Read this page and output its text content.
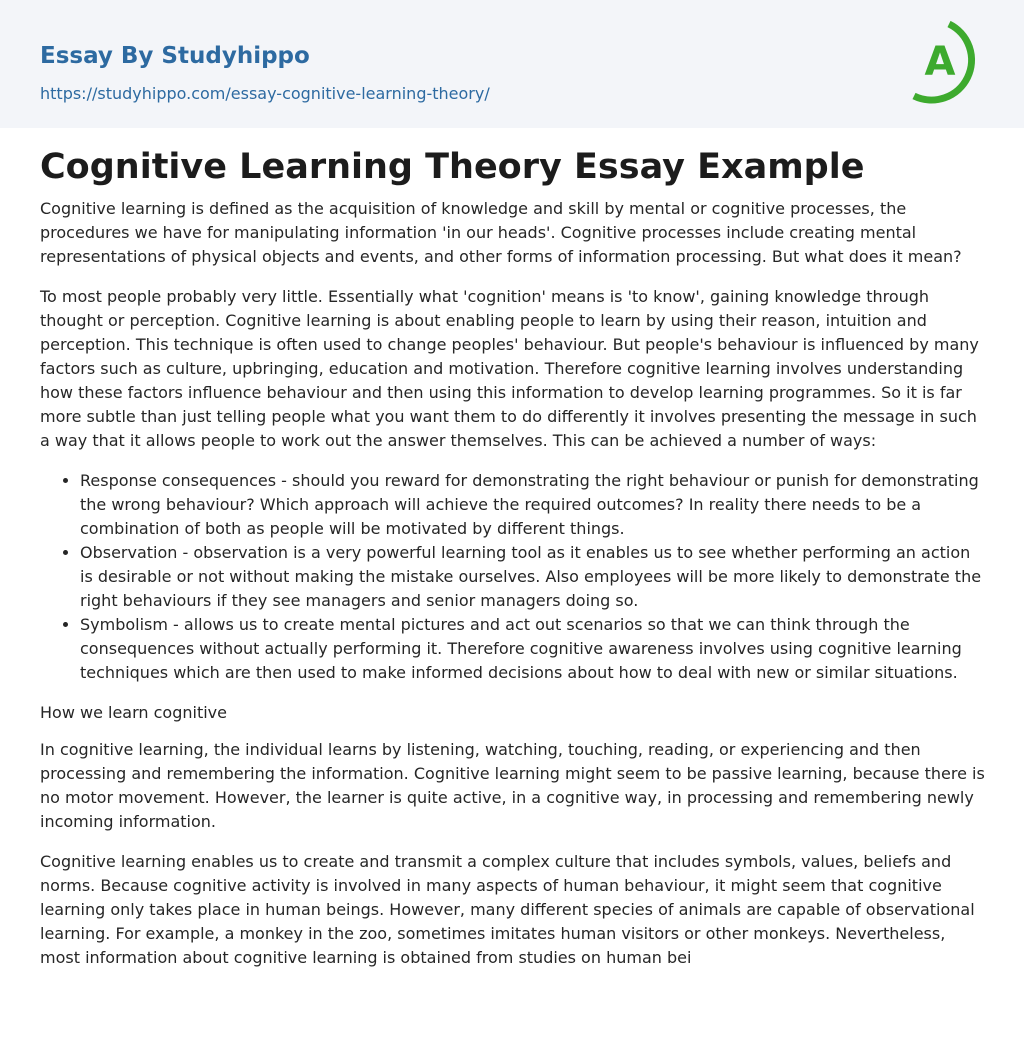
Essay By Studyhippo
https://studyhippo.com/essay-cognitive-learning-theory/
A
Cognitive Learning Theory Essay Example

Cognitive learning is defined as the acquisition of knowledge and skill by mental or cognitive processes, the procedures we have for manipulating information 'in our heads'. Cognitive processes include creating mental representations of physical objects and events, and other forms of information processing. But what does it mean?

To most people probably very little. Essentially what 'cognition' means is 'to know', gaining knowledge through thought or perception. Cognitive learning is about enabling people to learn by using their reason, intuition and perception. This technique is often used to change peoples' behaviour. But people's behaviour is influenced by many factors such as culture, upbringing, education and motivation. Therefore cognitive learning involves understanding how these factors influence behaviour and then using this information to develop learning programmes. So it is far more subtle than just telling people what you want them to do differently it involves presenting the message in such a way that it allows people to work out the answer themselves. This can be achieved a number of ways:

• Response consequences - should you reward for demonstrating the right behaviour or punish for demonstrating the wrong behaviour? Which approach will achieve the required outcomes? In reality there needs to be a combination of both as people will be motivated by different things.
• Observation - observation is a very powerful learning tool as it enables us to see whether performing an action is desirable or not without making the mistake ourselves. Also employees will be more likely to demonstrate the right behaviours if they see managers and senior managers doing so.
• Symbolism - allows us to create mental pictures and act out scenarios so that we can think through the consequences without actually performing it. Therefore cognitive awareness involves using cognitive learning techniques which are then used to make informed decisions about how to deal with new or similar situations.

How we learn cognitive

In cognitive learning, the individual learns by listening, watching, touching, reading, or experiencing and then processing and remembering the information. Cognitive learning might seem to be passive learning, because there is no motor movement. However, the learner is quite active, in a cognitive way, in processing and remembering newly incoming information.

Cognitive learning enables us to create and transmit a complex culture that includes symbols, values, beliefs and norms. Because cognitive activity is involved in many aspects of human behaviour, it might seem that cognitive learning only takes place in human beings. However, many different species of animals are capable of observational learning. For example, a monkey in the zoo, sometimes imitates human visitors or other monkeys. Nevertheless, most information about cognitive learning is obtained from studies on human bei
